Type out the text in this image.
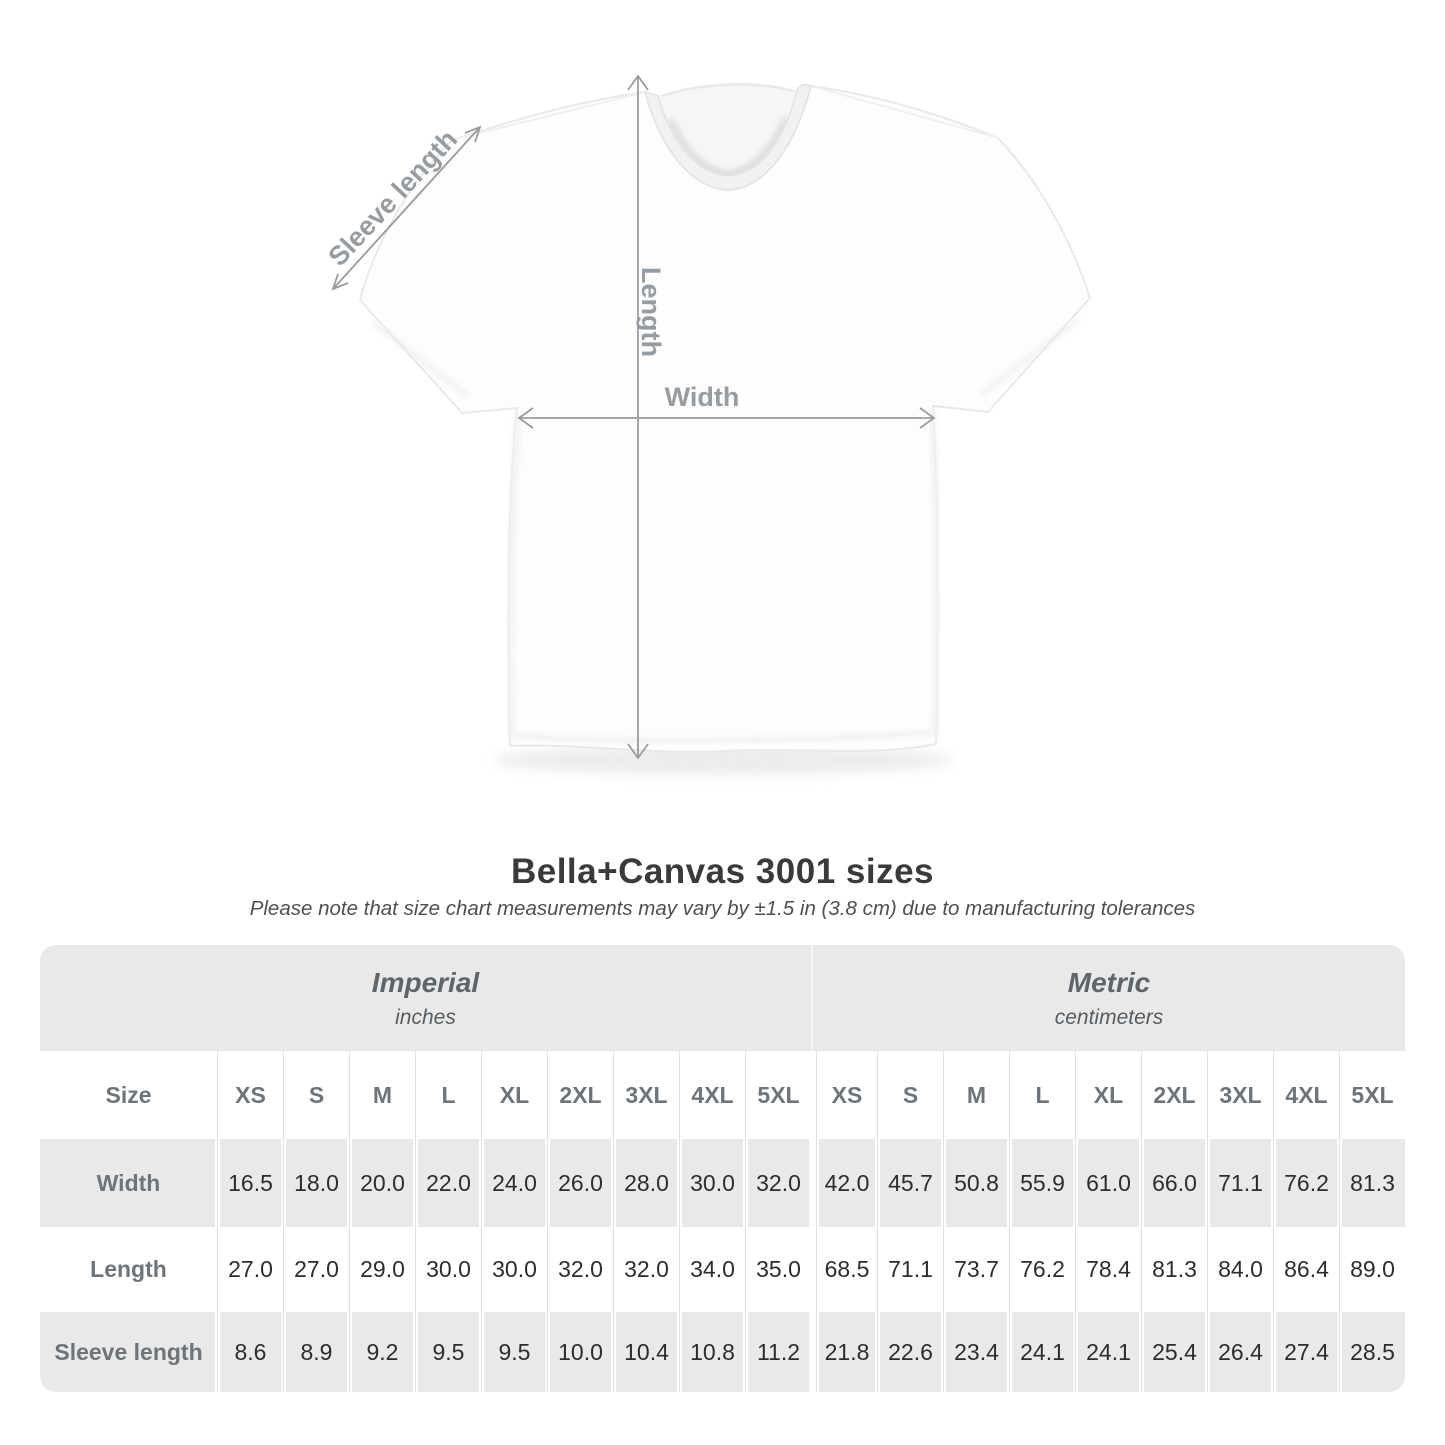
Sleeve length
Length
Width
Bella+Canvas 3001 sizes
Please note that size chart measurements may vary by ±1.5 in (3.8 cm) due to manufacturing tolerances
Imperial
inches
Metric
centimeters
Size	XS	S	M	L	XL	2XL	3XL	4XL	5XL	XS	S	M	L	XL	2XL	3XL	4XL	5XL
Width	16.5 18.0 20.0 22.0 24.0 26.0 28.0 30.0 32.0	42.0 45.7 50.8 55.9 61.0 66.0 71.1 76.2 81.3
Length	27.0 27.0 29.0 30.0 30.0 32.0 32.0 34.0 35.0	68.5 71.1 73.7 76.2 78.4 81.3 84.0 86.4 89.0
Sleeve length	8.6	8.9	9.2	9.5	9.5	10.0 10.4 10.8 11.2	21.8 22.6 23.4 24.1 24.1 25.4 26.4 27.4 28.5
